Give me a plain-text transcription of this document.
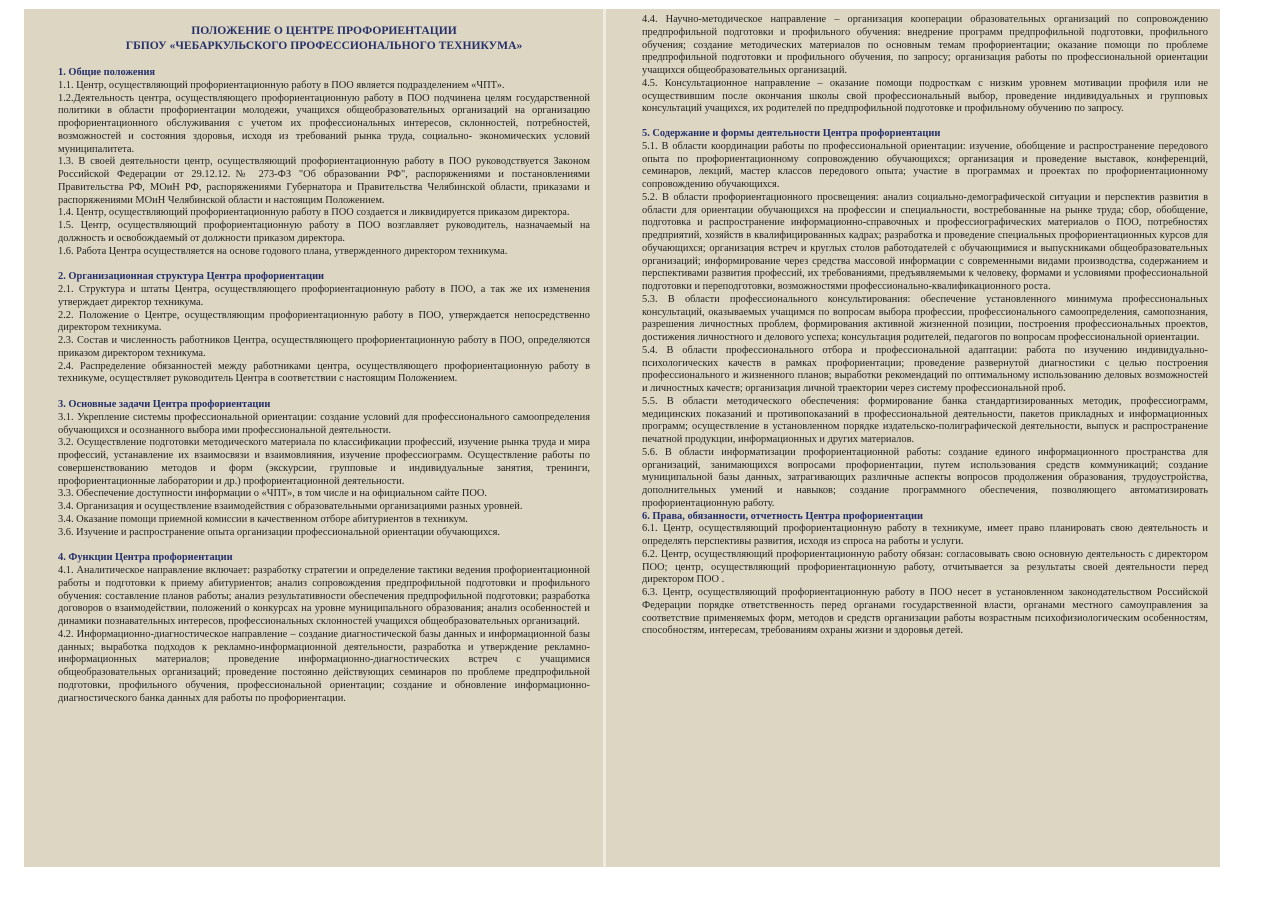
ПОЛОЖЕНИЕ О ЦЕНТРЕ ПРОФОРИЕНТАЦИИ
ГБПОУ «ЧЕБАРКУЛЬСКОГО ПРОФЕССИОНАЛЬНОГО ТЕХНИКУМА»

1. Общие положения

1.1. Центр, осуществляющий профориентационную работу в ПОО является подразделением «ЧПТ».

1.2.Деятельность центра, осуществляющего профориентационную работу в ПОО подчинена целям государственной политики в области профориентации молодежи, учащихся общеобразовательных организаций на организацию профориентационного обслуживания с учетом их профессиональных интересов, склонностей, потребностей, возможностей и состояния здоровья, исходя из требований рынка труда, социально- экономических условий муниципалитета.

1.3. В своей деятельности центр, осуществляющий профориентационную работу в ПОО руководствуется Законом Российской Федерации от 29.12.12.№ 273-ФЗ "Об образовании РФ", распоряжениями и постановлениями Правительства РФ, МОиН РФ, распоряжениями Губернатора и Правительства Челябинской области, приказами и распоряжениями МОиН Челябинской области и настоящим Положением.

1.4. Центр, осуществляющий профориентационную работу в ПОО создается и ликвидируется приказом директора.

1.5. Центр, осуществляющий профориентационную работу в ПОО возглавляет руководитель, назначаемый на должность и освобождаемый от должности приказом директора.

1.6. Работа Центра осуществляется на основе годового плана, утвержденного директором техникума.

2. Организационная структура Центра профориентации

2.1. Структура и штаты Центра, осуществляющего профориентационную работу в ПОО, а так же их изменения утверждает директор техникума.

2.2. Положение о Центре, осуществляющим профориентационную работу в ПОО, утверждается непосредственно директором техникума.

2.3. Состав и численность работников Центра, осуществляющего профориентационную работу в ПОО, определяются приказом директором техникума.

2.4. Распределение обязанностей между работниками центра, осуществляющего профориентационную работу в техникуме, осуществляет руководитель Центра в соответствии с настоящим Положением.

3. Основные задачи Центра профориентации

3.1. Укрепление системы профессиональной ориентации: создание условий для профессионального самоопределения обучающихся и осознанного выбора ими профессиональной деятельности.

3.2. Осуществление подготовки методического материала по классификации профессий, изучение рынка труда и мира профессий, устанавление их взаимосвязи и взаимовлияния, изучение профессиограмм. Осуществление работы по совершенствованию методов и форм (экскурсии, групповые и индивидуальные занятия, тренинги, профориентационные лаборатории и др.) профориентационной деятельности.

3.3. Обеспечение доступности информации о «ЧПТ», в том числе и на официальном сайте ПОО.

3.4. Организация и осуществление взаимодействия с образовательными организациями разных уровней.

3.4. Оказание помощи приемной комиссии в качественном отборе абитуриентов в техникум.

3.6. Изучение и распространение опыта организации профессиональной ориентации обучающихся.

4. Функции Центра профориентации

4.1. Аналитическое направление включает: разработку стратегии и определение тактики ведения профориентационной работы и подготовки к приему абитуриентов; анализ сопровождения предпрофильной подготовки и профильного обучения: составление планов работы; анализ результативности обеспечения предпрофильной подготовки; разработка договоров о взаимодействии, положений о конкурсах на уровне муниципального образования; анализ особенностей и динамики познавательных интересов, профессиональных склонностей учащихся общеобразовательных организаций.

4.2. Информационно-диагностическое направление – создание диагностической базы данных и информационной базы данных; выработка подходов к рекламно-информационной деятельности, разработка и утверждение рекламно-информационных материалов; проведение информационно-диагностических встреч с учащимися общеобразовательных организаций; проведение постоянно действующих семинаров по проблеме предпрофильной подготовки, профильного обучения, профессиональной ориентации; создание и обновление информационно-диагностического банка данных для работы по профориентации.

4.4. Научно-методическое направление – организация кооперации образовательных организаций по сопровождению предпрофильной подготовки и профильного обучения: внедрение программ предпрофильной подготовки, профильного обучения; создание методических материалов по основным темам профориентации; оказание помощи по проблеме предпрофильной подготовки и профильного обучения, по запросу; организация работы по профессиональной ориентации учащихся общеобразовательных организаций.

4.5. Консультационное направление – оказание помощи подросткам с низким уровнем мотивации профиля или не осуществившим после окончания школы свой профессиональный выбор, проведение индивидуальных и групповых консультаций учащихся, их родителей по предпрофильной подготовке и профильному обучению по запросу.

5. Содержание и формы деятельности Центра профориентации

5.1. В области координации работы по профессиональной ориентации: изучение, обобщение и распространение передового опыта по профориентационному сопровождению обучающихся; организация и проведение выставок, конференций, семинаров, лекций, мастер классов передового опыта; участие в программах и проектах по профориентационному сопровождению обучающихся.

5.2. В области профориентационного просвещения: анализ социально-демографической ситуации и перспектив развития в области для ориентации обучающихся на профессии и специальности, востребованные на рынке труда; сбор, обобщение, подготовка и распространение информационно-справочных и профессиографических материалов о ПОО, потребностях предприятий, хозяйств в квалифицированных кадрах; разработка и проведение специальных профориентационных курсов для обучающихся; организация встреч и круглых столов работодателей с обучающимися и выпускниками общеобразовательных организаций; информирование через средства массовой информации с современными видами производства, содержанием и перспективами развития профессий, их требованиями, предъявляемыми к человеку, формами и условиями профессиональной подготовки и переподготовки, возможностями профессионально-квалификационного роста.

5.3. В области профессионального консультирования: обеспечение установленного минимума профессиональных консультаций, оказываемых учащимся по вопросам выбора профессии, профессионального самоопределения, самопознания, разрешения личностных проблем, формирования активной жизненной позиции, построения профессиональных проектов, достижения личностного и делового успеха; консультация родителей, педагогов по вопросам профессиональной ориентации.

5.4. В области профессионального отбора и профессиональной адаптации: работа по изучению индивидуально-психологических качеств в рамках профориентации; проведение развернутой диагностики с целью построения профессионального и жизненного планов; выработки рекомендаций по оптимальному использованию деловых возможностей и личностных качеств; организация личной траектории через систему профессиональной проб.

5.5. В области методического обеспечения: формирование банка стандартизированных методик, профессиограмм, медицинских показаний и противопоказаний в профессиональной деятельности, пакетов прикладных и информационных программ; осуществление в установленном порядке издательско-полиграфической деятельности, выпуск и распространение печатной продукции, информационных и других материалов.

5.6. В области информатизации профориентационной работы: создание единого информационного пространства для организаций, занимающихся вопросами профориентации, путем использования средств коммуникаций; создание муниципальной базы данных, затрагивающих различные аспекты вопросов продолжения образования, трудоустройства, дополнительных умений и навыков; создание программного обеспечения, позволяющего автоматизировать профориентационную работу.

6. Права, обязанности, отчетность Центра профориентации

6.1. Центр, осуществляющий профориентационную работу в техникуме, имеет право планировать свою деятельность и определять перспективы развития, исходя из спроса на работы и услуги.

6.2. Центр, осуществляющий профориентационную работу обязан: согласовывать свою основную деятельность с директором ПОО; центр, осуществляющий профориентационную работу, отчитывается за результаты своей деятельности перед директором ПОО .

6.3. Центр, осуществляющий профориентационную работу в ПОО несет в установленном законодательством Российской Федерации порядке ответственность перед органами государственной власти, органами местного самоуправления за соответствие применяемых форм, методов и средств организации работы возрастным психофизиологическим особенностям, способностям, интересам, требованиям охраны жизни и здоровья детей.
